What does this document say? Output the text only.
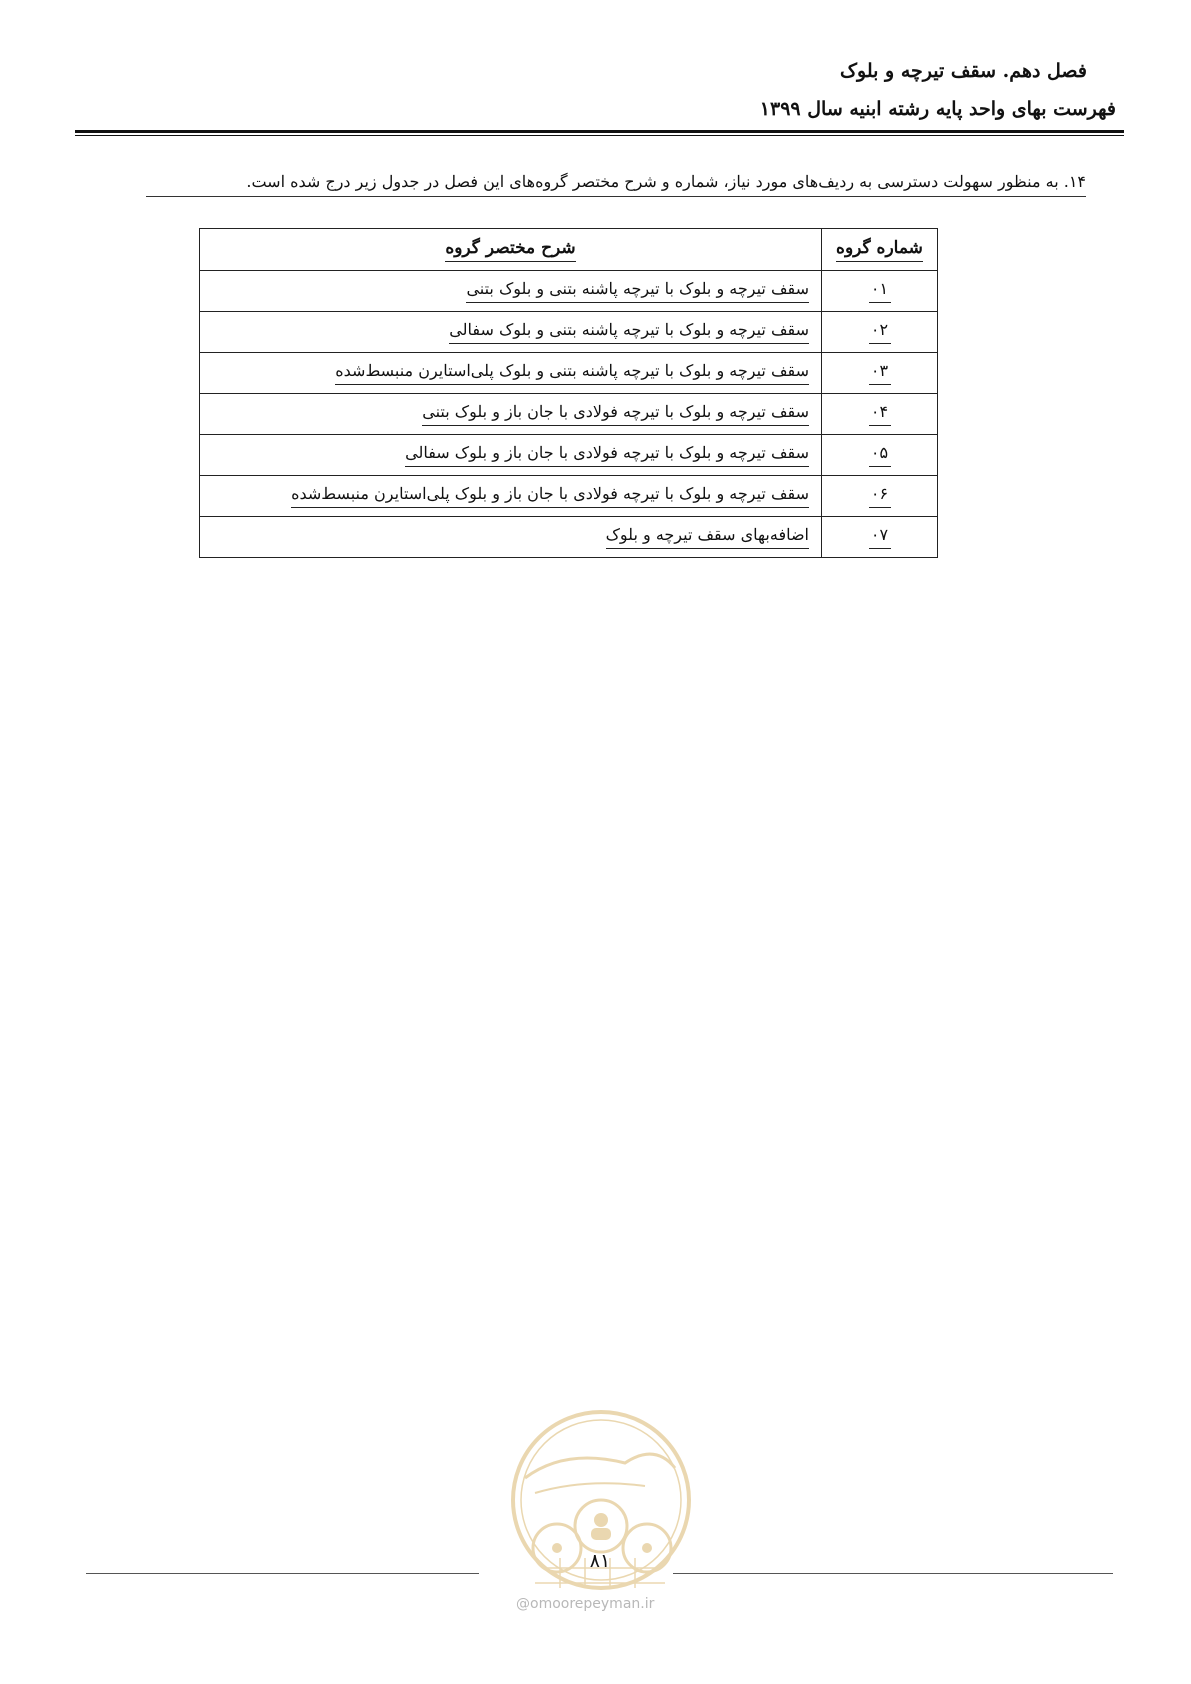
فصل دهم. سقف تیرچه و بلوک
فهرست بهای واحد پایه رشته ابنیه سال ۱۳۹۹

۱۴. به منظور سهولت دسترسی به ردیف‌های مورد نیاز، شماره و شرح مختصر گروه‌های این فصل در جدول زیر درج شده است.

شماره گروه	شرح مختصر گروه
۰۱	سقف تیرچه و بلوک با تیرچه پاشنه بتنی و بلوک بتنی
۰۲	سقف تیرچه و بلوک با تیرچه پاشنه بتنی و بلوک سفالی
۰۳	سقف تیرچه و بلوک با تیرچه پاشنه بتنی و بلوک پلی‌استایرن منبسط‌شده
۰۴	سقف تیرچه و بلوک با تیرچه فولادی با جان باز و بلوک بتنی
۰۵	سقف تیرچه و بلوک با تیرچه فولادی با جان باز و بلوک سفالی
۰۶	سقف تیرچه و بلوک با تیرچه فولادی با جان باز و بلوک پلی‌استایرن منبسط‌شده
۰۷	اضافه‌بهای سقف تیرچه و بلوک
۸۱
@omoorepeyman.ir
